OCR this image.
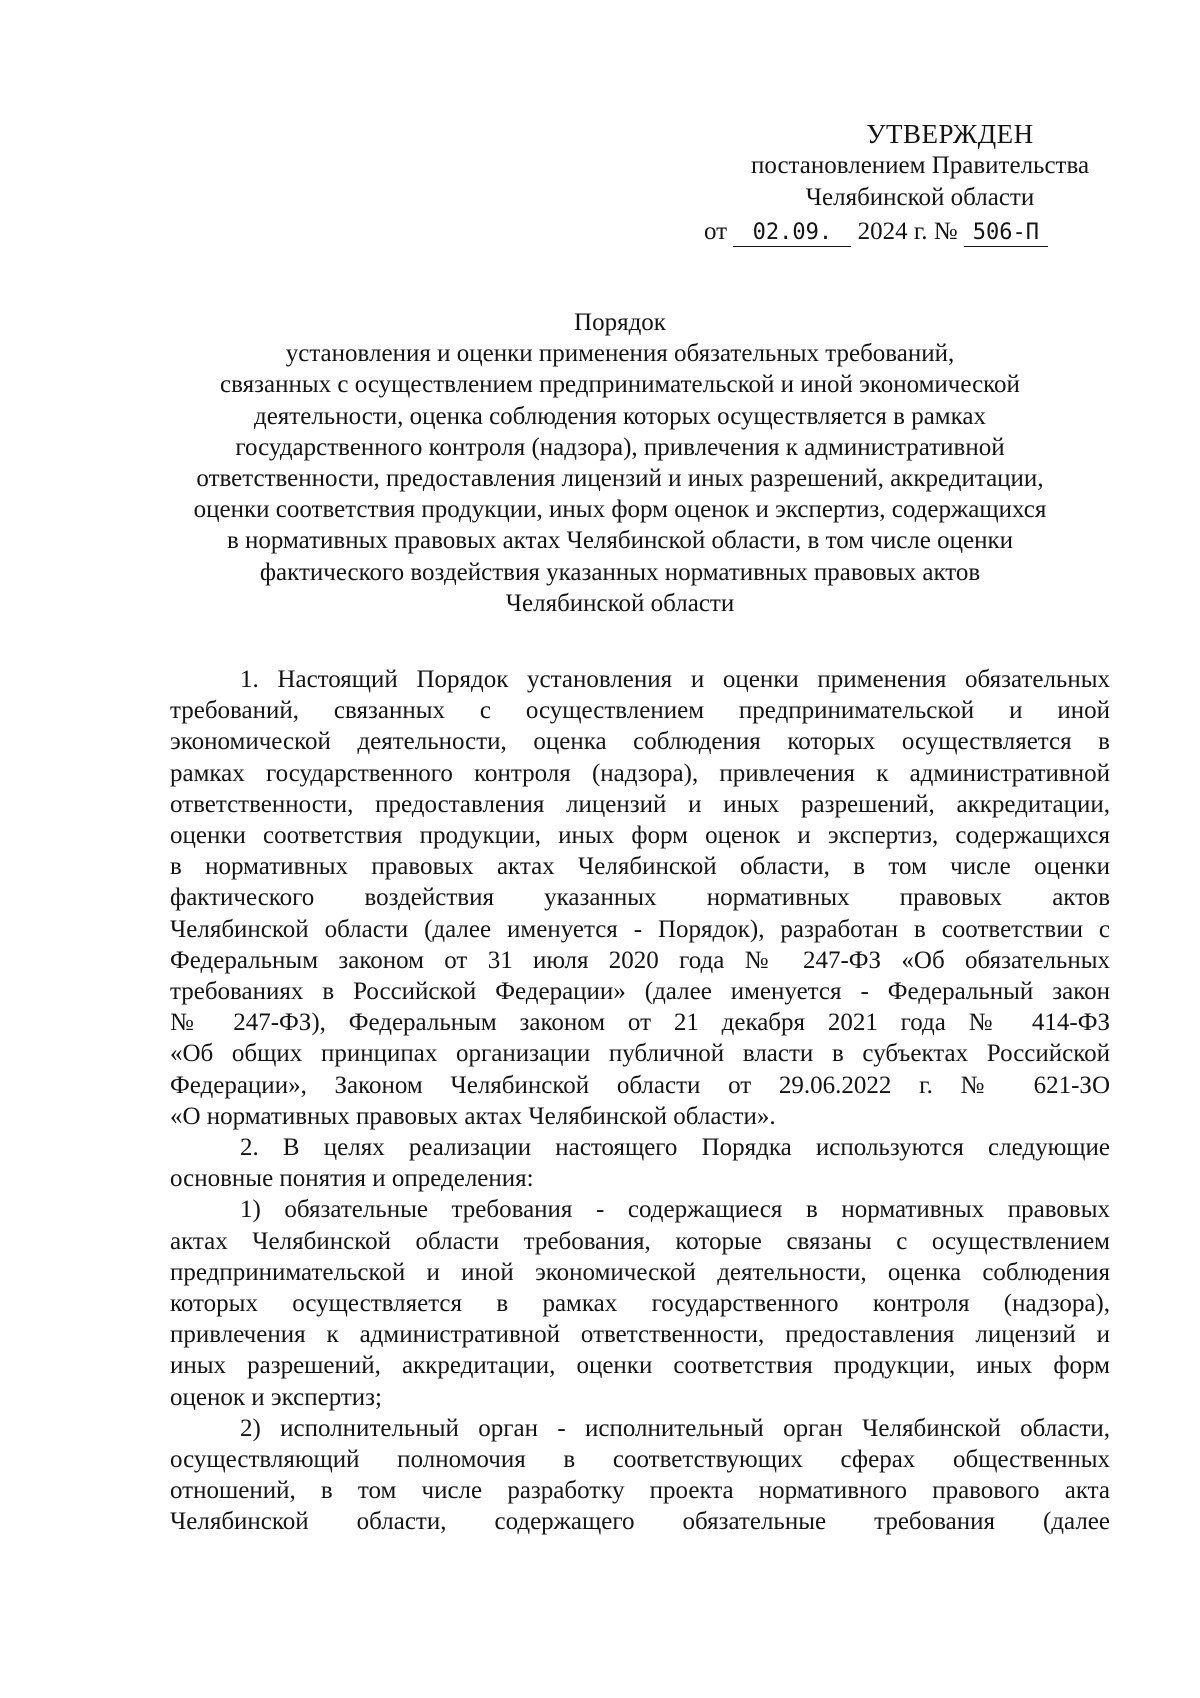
УТВЕРЖДЕН
постановлением Правительства
Челябинской области
от 02.09. 2024 г. № 506-П
Порядок
установления и оценки применения обязательных требований,
связанных с осуществлением предпринимательской и иной экономической
деятельности, оценка соблюдения которых осуществляется в рамках
государственного контроля (надзора), привлечения к административной
ответственности, предоставления лицензий и иных разрешений, аккредитации,
оценки соответствия продукции, иных форм оценок и экспертиз, содержащихся
в нормативных правовых актах Челябинской области, в том числе оценки
фактического воздействия указанных нормативных правовых актов
Челябинской области
1. Настоящий Порядок установления и оценки применения обязательных
требований, связанных с осуществлением предпринимательской и иной
экономической деятельности, оценка соблюдения которых осуществляется в
рамках государственного контроля (надзора), привлечения к административной
ответственности, предоставления лицензий и иных разрешений, аккредитации,
оценки соответствия продукции, иных форм оценок и экспертиз, содержащихся
в нормативных правовых актах Челябинской области, в том числе оценки
фактического воздействия указанных нормативных правовых актов
Челябинской области (далее именуется - Порядок), разработан в соответствии с
Федеральным законом от 31 июля 2020 года № 247-ФЗ «Об обязательных
требованиях в Российской Федерации» (далее именуется - Федеральный закон
№ 247-ФЗ), Федеральным законом от 21 декабря 2021 года № 414-ФЗ
«Об общих принципах организации публичной власти в субъектах Российской
Федерации», Законом Челябинской области от 29.06.2022 г. № 621-ЗО
«О нормативных правовых актах Челябинской области».
2. В целях реализации настоящего Порядка используются следующие
основные понятия и определения:
1) обязательные требования - содержащиеся в нормативных правовых
актах Челябинской области требования, которые связаны с осуществлением
предпринимательской и иной экономической деятельности, оценка соблюдения
которых осуществляется в рамках государственного контроля (надзора),
привлечения к административной ответственности, предоставления лицензий и
иных разрешений, аккредитации, оценки соответствия продукции, иных форм
оценок и экспертиз;
2) исполнительный орган - исполнительный орган Челябинской области,
осуществляющий полномочия в соответствующих сферах общественных
отношений, в том числе разработку проекта нормативного правового акта
Челябинской области, содержащего обязательные требования (далее
